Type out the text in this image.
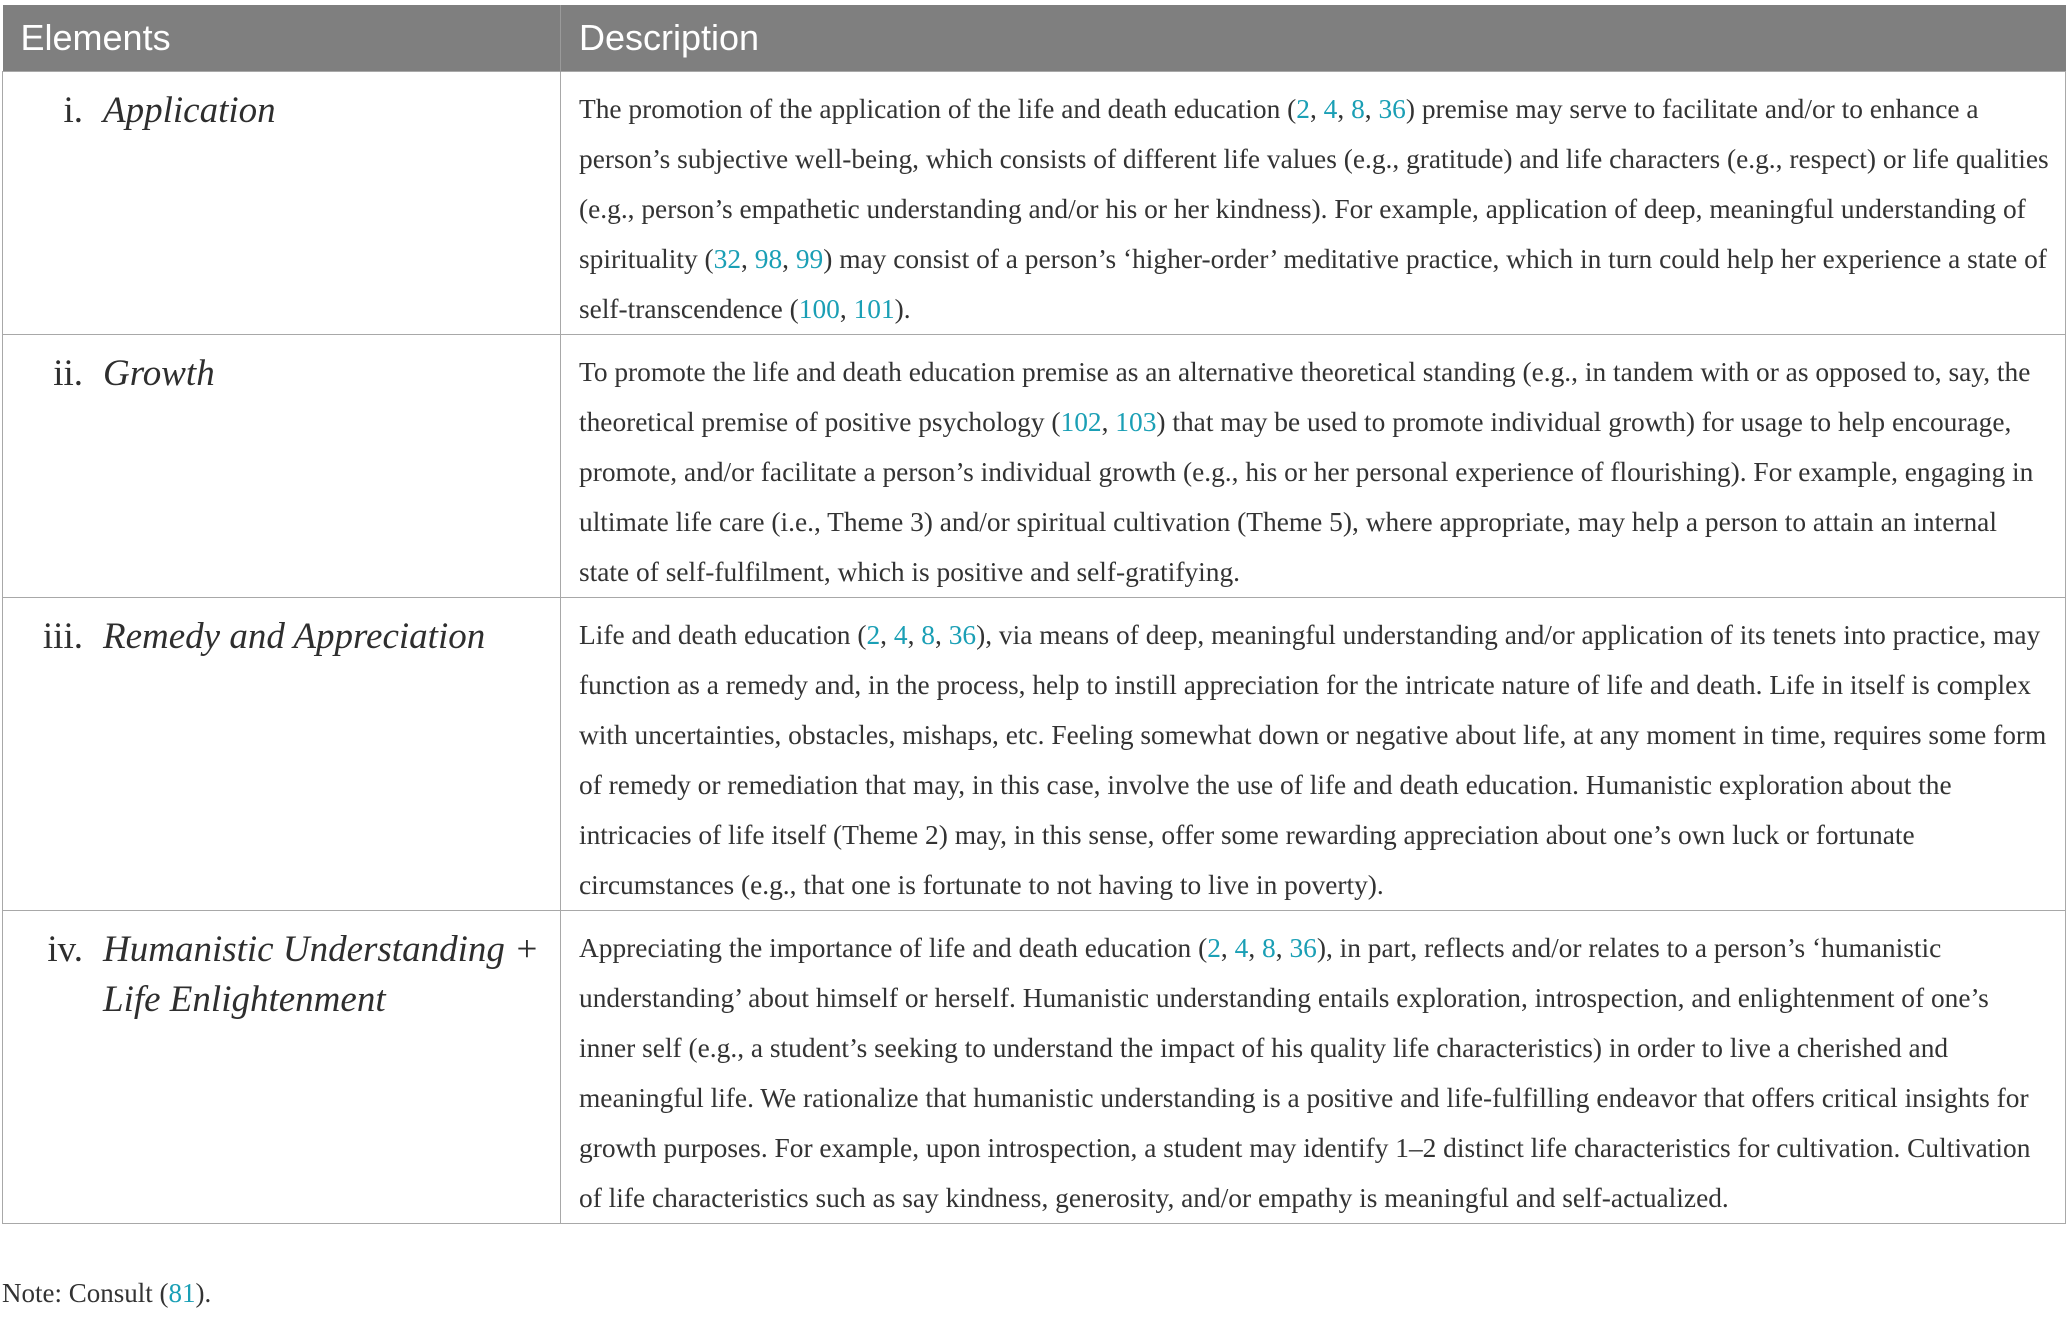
Elements	Description

i. Application	The promotion of the application of the life and death education (2, 4, 8, 36) premise may serve to facilitate and/or to enhance a person’s subjective well-being, which consists of different life values (e.g., gratitude) and life characters (e.g., respect) or life qualities (e.g., person’s empathetic understanding and/or his or her kindness). For example, application of deep, meaningful understanding of spirituality (32, 98, 99) may consist of a person’s ‘higher-order’ meditative practice, which in turn could help her experience a state of self-transcendence (100, 101).

ii. Growth	To promote the life and death education premise as an alternative theoretical standing (e.g., in tandem with or as opposed to, say, the theoretical premise of positive psychology (102, 103) that may be used to promote individual growth) for usage to help encourage, promote, and/or facilitate a person’s individual growth (e.g., his or her personal experience of flourishing). For example, engaging in ultimate life care (i.e., Theme 3) and/or spiritual cultivation (Theme 5), where appropriate, may help a person to attain an internal state of self-fulfilment, which is positive and self-gratifying.

iii. Remedy and Appreciation	Life and death education (2, 4, 8, 36), via means of deep, meaningful understanding and/or application of its tenets into practice, may function as a remedy and, in the process, help to instill appreciation for the intricate nature of life and death. Life in itself is complex with uncertainties, obstacles, mishaps, etc. Feeling somewhat down or negative about life, at any moment in time, requires some form of remedy or remediation that may, in this case, involve the use of life and death education. Humanistic exploration about the intricacies of life itself (Theme 2) may, in this sense, offer some rewarding appreciation about one’s own luck or fortunate circumstances (e.g., that one is fortunate to not having to live in poverty).

iv. Humanistic Understanding + Life Enlightenment	Appreciating the importance of life and death education (2, 4, 8, 36), in part, reflects and/or relates to a person’s ‘humanistic understanding’ about himself or herself. Humanistic understanding entails exploration, introspection, and enlightenment of one’s inner self (e.g., a student’s seeking to understand the impact of his quality life characteristics) in order to live a cherished and meaningful life. We rationalize that humanistic understanding is a positive and life-fulfilling endeavor that offers critical insights for growth purposes. For example, upon introspection, a student may identify 1–2 distinct life characteristics for cultivation. Cultivation of life characteristics such as say kindness, generosity, and/or empathy is meaningful and self-actualized.
Note: Consult (81).
